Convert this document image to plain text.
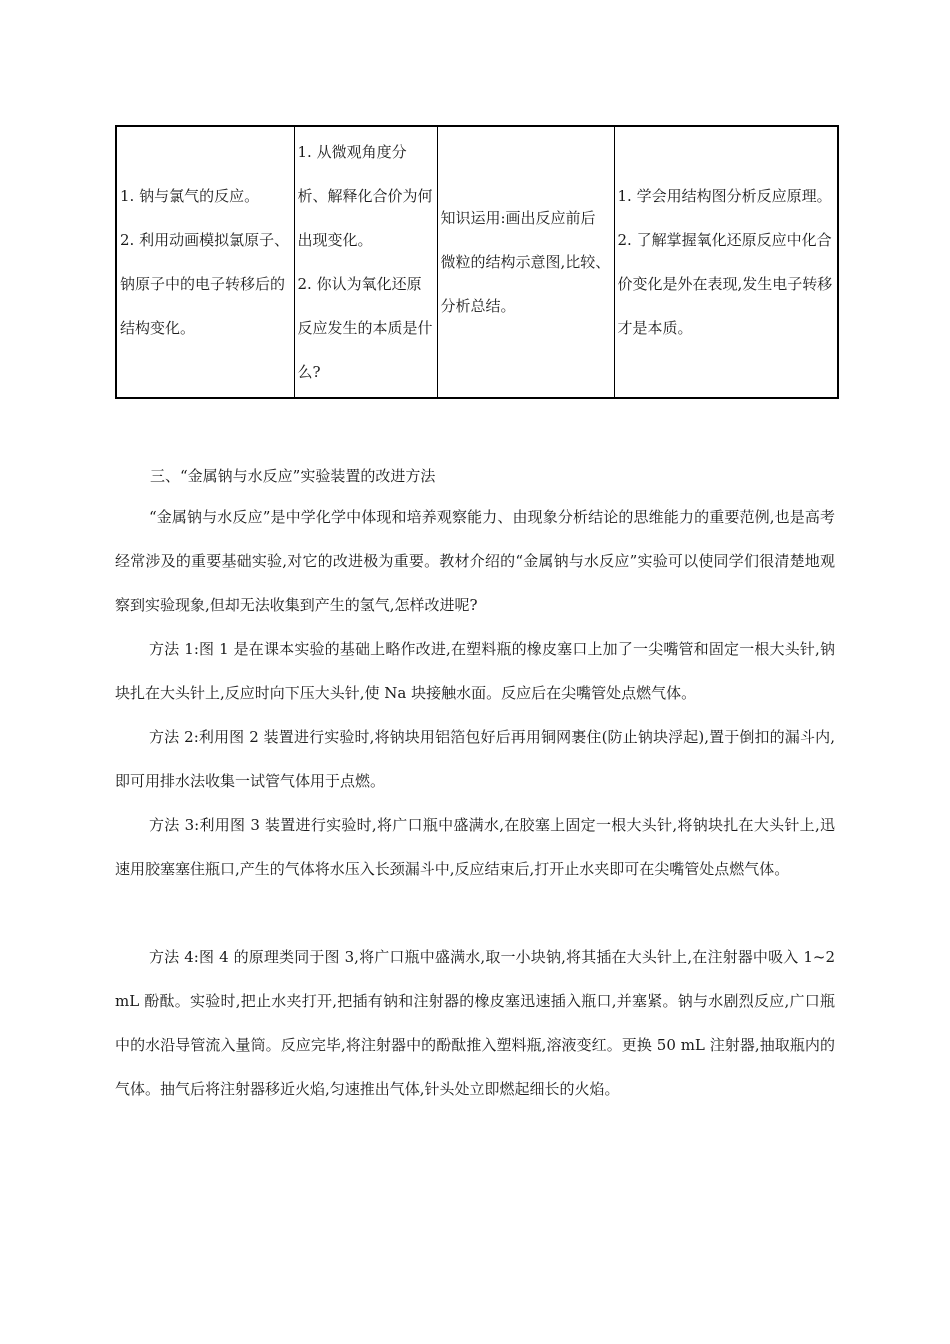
1. 钠与氯气的反应。
2. 利用动画模拟氯原子、钠原子中的电子转移后的结构变化。

1. 从微观角度分析、解释化合价为何出现变化。
2. 你认为氧化还原反应发生的本质是什么?

知识运用:画出反应前后微粒的结构示意图,比较、分析总结。

1. 学会用结构图分析反应原理。
2. 了解掌握氧化还原反应中化合价变化是外在表现,发生电子转移才是本质。
三、“金属钠与水反应”实验装置的改进方法

“金属钠与水反应”是中学化学中体现和培养观察能力、由现象分析结论的思维能力的重要范例,也是高考经常涉及的重要基础实验,对它的改进极为重要。教材介绍的“金属钠与水反应”实验可以使同学们很清楚地观察到实验现象,但却无法收集到产生的氢气,怎样改进呢?

方法 1:图 1 是在课本实验的基础上略作改进,在塑料瓶的橡皮塞口上加了一尖嘴管和固定一根大头针,钠块扎在大头针上,反应时向下压大头针,使 Na 块接触水面。反应后在尖嘴管处点燃气体。

方法 2:利用图 2 装置进行实验时,将钠块用铝箔包好后再用铜网裹住(防止钠块浮起),置于倒扣的漏斗内,即可用排水法收集一试管气体用于点燃。

方法 3:利用图 3 装置进行实验时,将广口瓶中盛满水,在胶塞上固定一根大头针,将钠块扎在大头针上,迅速用胶塞塞住瓶口,产生的气体将水压入长颈漏斗中,反应结束后,打开止水夹即可在尖嘴管处点燃气体。

方法 4:图 4 的原理类同于图 3,将广口瓶中盛满水,取一小块钠,将其插在大头针上,在注射器中吸入 1~2 mL 酚酞。实验时,把止水夹打开,把插有钠和注射器的橡皮塞迅速插入瓶口,并塞紧。钠与水剧烈反应,广口瓶中的水沿导管流入量筒。反应完毕,将注射器中的酚酞推入塑料瓶,溶液变红。更换 50 mL 注射器,抽取瓶内的气体。抽气后将注射器移近火焰,匀速推出气体,针头处立即燃起细长的火焰。
